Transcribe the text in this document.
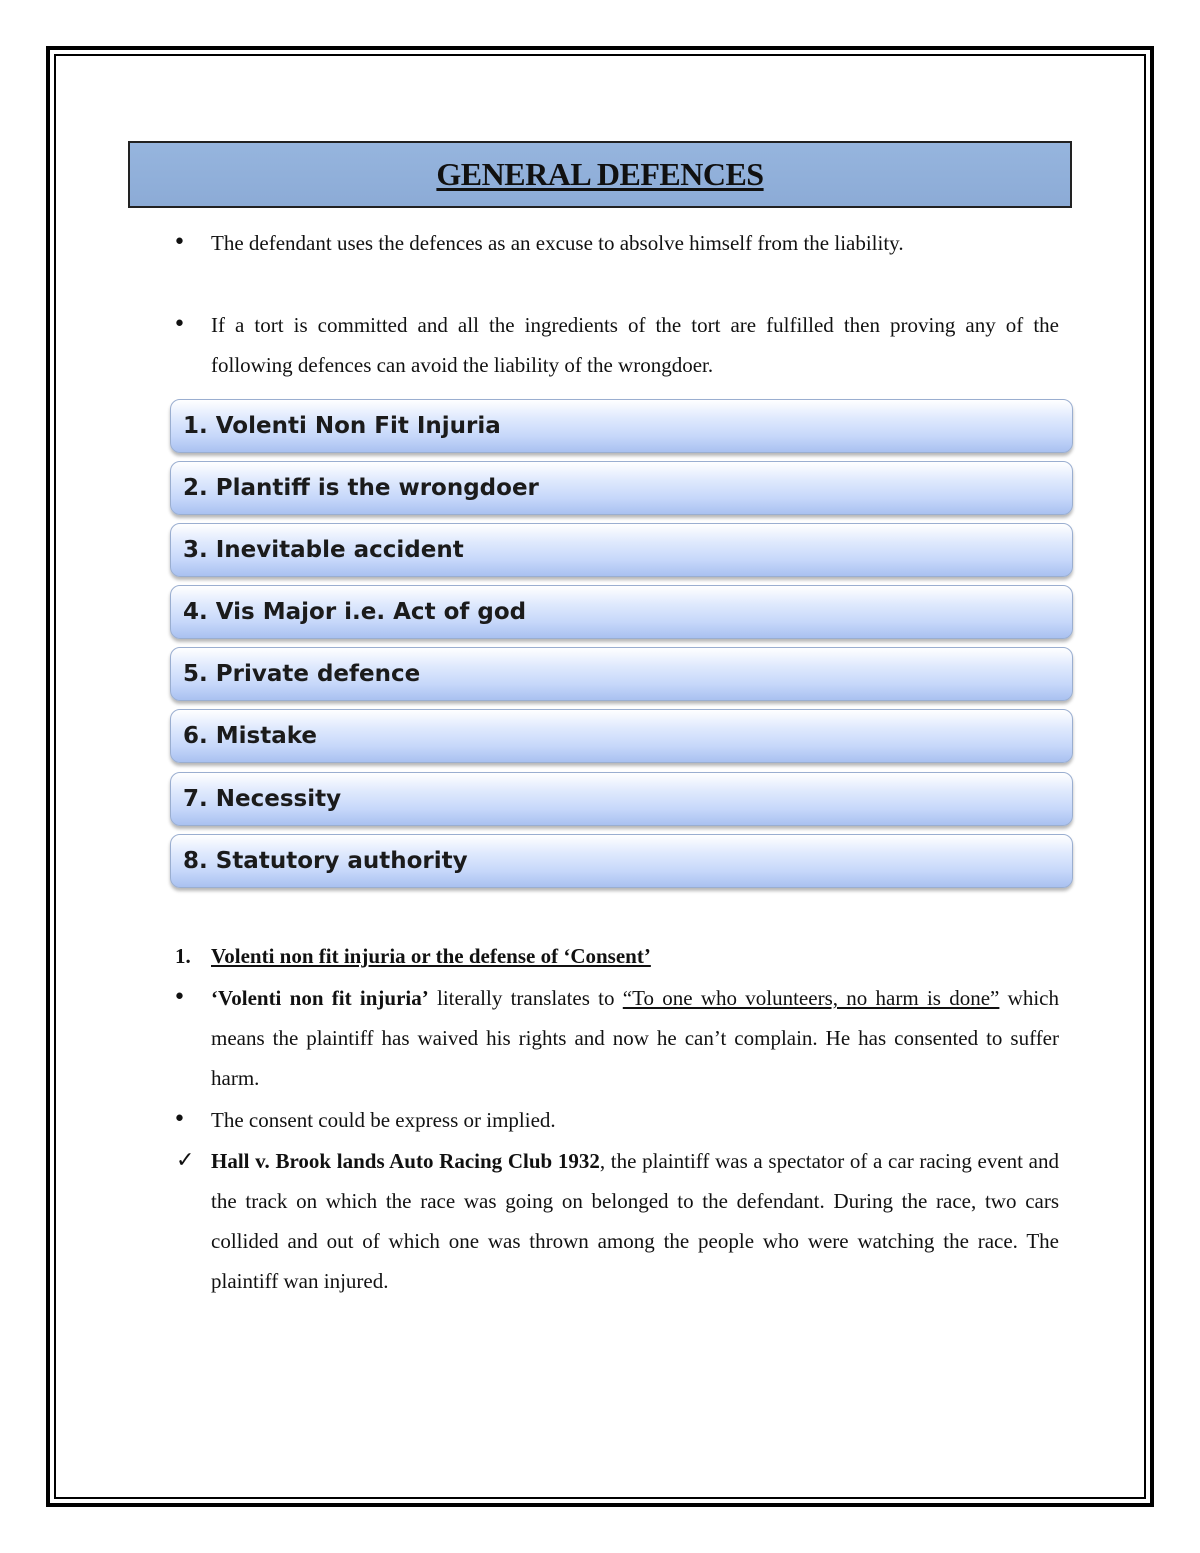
GENERAL DEFENCES
• The defendant uses the defences as an excuse to absolve himself from the liability.

• If a tort is committed and all the ingredients of the tort are fulfilled then proving any of the following defences can avoid the liability of the wrongdoer.

1. Volenti Non Fit Injuria
2. Plantiff is the wrongdoer
3. Inevitable accident
4. Vis Major i.e. Act of god
5. Private defence
6. Mistake
7. Necessity
8. Statutory authority
1. Volenti non fit injuria or the defense of ‘Consent’
• ‘Volenti non fit injuria’ literally translates to “To one who volunteers, no harm is done” which means the plaintiff has waived his rights and now he can’t complain. He has consented to suffer harm.

• The consent could be express or implied.

✓ Hall v. Brook lands Auto Racing Club 1932, the plaintiff was a spectator of a car racing event and the track on which the race was going on belonged to the defendant. During the race, two cars collided and out of which one was thrown among the people who were watching the race. The plaintiff wan injured.
